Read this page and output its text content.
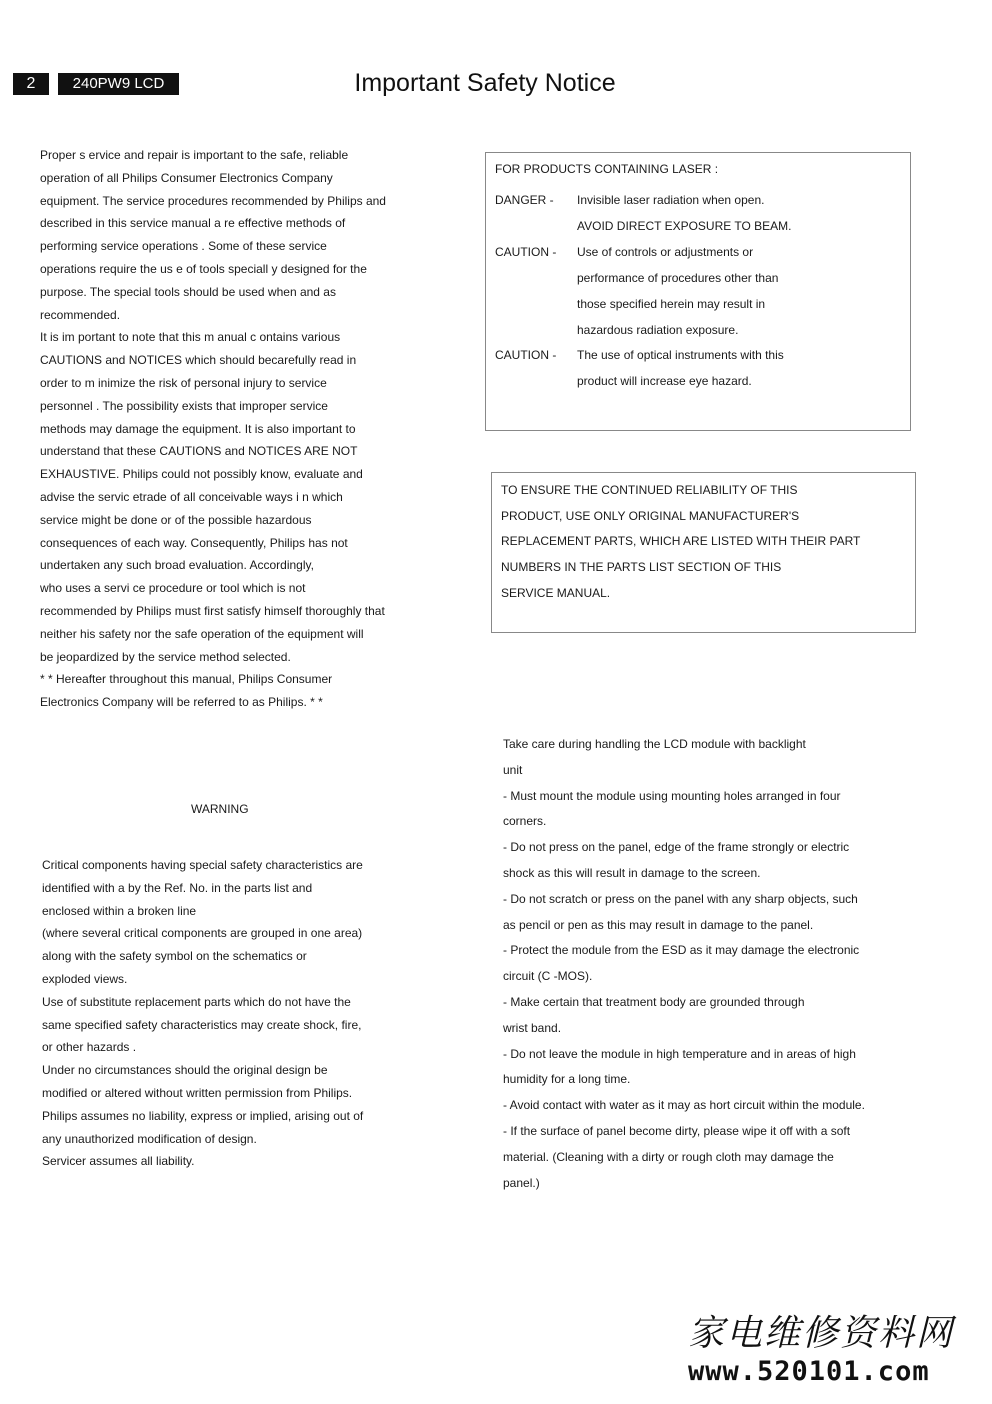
2	240PW9 LCD	Important Safety Notice
Proper s ervice and repair is important to the safe, reliable
operation of all Philips Consumer Electronics Company
equipment. The service procedures recommended by Philips and
described in this service manual a re effective methods of
performing service operations . Some of these service
operations require the us e of tools speciall y designed for the
purpose. The special tools should be used when and as
recommended.
It is im portant to note that this m anual c ontains various
CAUTIONS and NOTICES which should becarefully read in
order to m inimize the risk of personal injury to service
personnel . The possibility exists that improper service
methods may damage the equipment. It is also important to
understand that these CAUTIONS and NOTICES ARE NOT
EXHAUSTIVE. Philips could not possibly know, evaluate and
advise the servic etrade of all conceivable ways i n which
service might be done or of the possible hazardous
consequences of each way. Consequently, Philips has not
undertaken any such broad evaluation. Accordingly,
who uses a servi ce procedure or tool which is not
recommended by Philips must first satisfy himself thoroughly that
neither his safety nor the safe operation of the equipment will
be jeopardized by the service method selected.
* * Hereafter throughout this manual, Philips Consumer
Electronics Company will be referred to as Philips. * *
WARNING
Critical components having special safety characteristics are
identified with a by the Ref. No. in the parts list and
enclosed within a broken line
(where several critical components are grouped in one area)
along with the safety symbol on the schematics or
exploded views.
Use of substitute replacement parts which do not have the
same specified safety characteristics may create shock, fire,
or other hazards .
Under no circumstances should the original design be
modified or altered without written permission from Philips.
Philips assumes no liability, express or implied, arising out of
any unauthorized modification of design.
Servicer assumes all liability.
FOR PRODUCTS CONTAINING LASER :
DANGER - Invisible laser radiation when open.
AVOID DIRECT EXPOSURE TO BEAM.
CAUTION - Use of controls or adjustments or
performance of procedures other than
those specified herein may result in
hazardous radiation exposure.
CAUTION - The use of optical instruments with this
product will increase eye hazard.
TO ENSURE THE CONTINUED RELIABILITY OF THIS
PRODUCT, USE ONLY ORIGINAL MANUFACTURER'S
REPLACEMENT PARTS, WHICH ARE LISTED WITH THEIR PART
NUMBERS IN THE PARTS LIST SECTION OF THIS
SERVICE MANUAL.
Take care during handling the LCD module with backlight
unit
- Must mount the module using mounting holes arranged in four
corners.
- Do not press on the panel, edge of the frame strongly or electric
shock as this will result in damage to the screen.
- Do not scratch or press on the panel with any sharp objects, such
as pencil or pen as this may result in damage to the panel.
- Protect the module from the ESD as it may damage the electronic
circuit (C -MOS).
- Make certain that treatment body are grounded through
wrist band.
- Do not leave the module in high temperature and in areas of high
humidity for a long time.
- Avoid contact with water as it may as hort circuit within the module.
- If the surface of panel become dirty, please wipe it off with a soft
material. (Cleaning with a dirty or rough cloth may damage the
panel.)
家电维修资料网
www.520101.com
